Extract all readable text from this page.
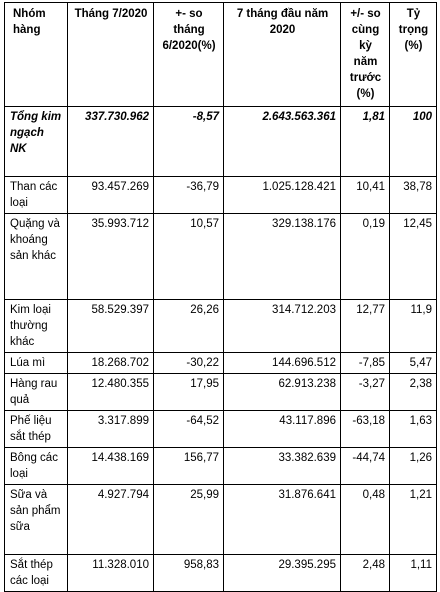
Nhóm hàng	Tháng 7/2020	+- so tháng 6/2020(%)	7 tháng đầu năm 2020	+/- so cùng kỳ năm trước (%)	Tỷ trọng (%)
Tổng kim ngạch NK	337.730.962	-8,57	2.643.563.361	1,81	100
Than các loại	93.457.269	-36,79	1.025.128.421	10,41	38,78
Quặng và khoáng sản khác	35.993.712	10,57	329.138.176	0,19	12,45
Kim loại thường khác	58.529.397	26,26	314.712.203	12,77	11,9
Lúa mì	18.268.702	-30,22	144.696.512	-7,85	5,47
Hàng rau quả	12.480.355	17,95	62.913.238	-3,27	2,38
Phế liệu sắt thép	3.317.899	-64,52	43.117.896	-63,18	1,63
Bông các loại	14.438.169	156,77	33.382.639	-44,74	1,26
Sữa và sản phẩm sữa	4.927.794	25,99	31.876.641	0,48	1,21
Sắt thép các loại	11.328.010	958,83	29.395.295	2,48	1,11
